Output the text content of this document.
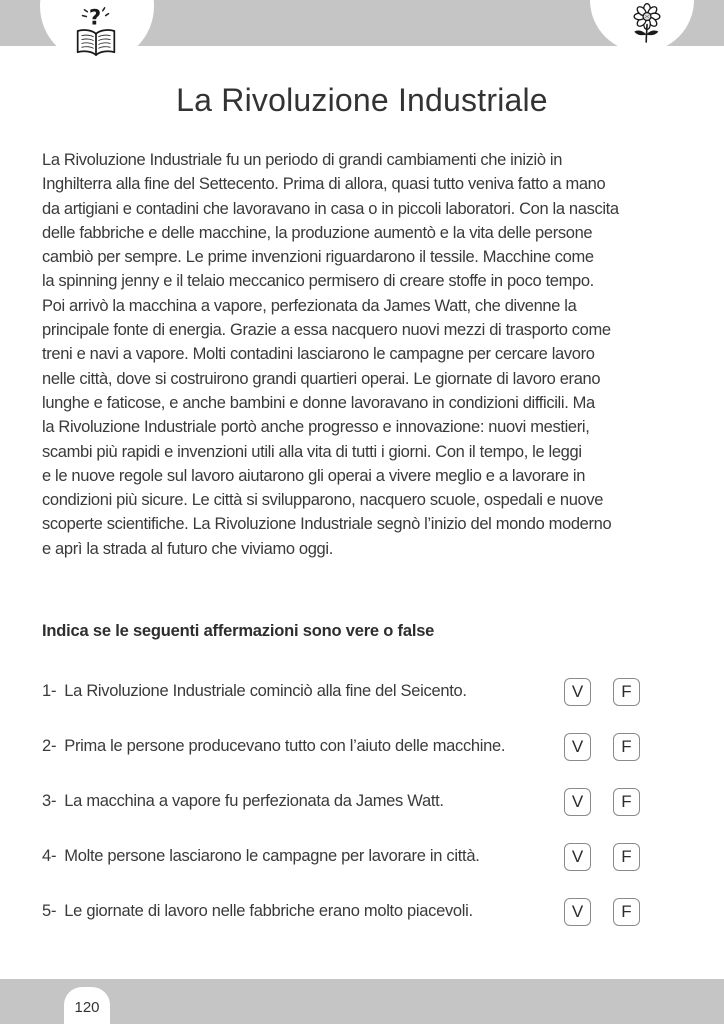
?
La Rivoluzione Industriale
La Rivoluzione Industriale fu un periodo di grandi cambiamenti che iniziò in
Inghilterra alla fine del Settecento. Prima di allora, quasi tutto veniva fatto a mano
da artigiani e contadini che lavoravano in casa o in piccoli laboratori. Con la nascita
delle fabbriche e delle macchine, la produzione aumentò e la vita delle persone
cambiò per sempre. Le prime invenzioni riguardarono il tessile. Macchine come
la spinning jenny e il telaio meccanico permisero di creare stoffe in poco tempo.
Poi arrivò la macchina a vapore, perfezionata da James Watt, che divenne la
principale fonte di energia. Grazie a essa nacquero nuovi mezzi di trasporto come
treni e navi a vapore. Molti contadini lasciarono le campagne per cercare lavoro
nelle città, dove si costruirono grandi quartieri operai. Le giornate di lavoro erano
lunghe e faticose, e anche bambini e donne lavoravano in condizioni difficili. Ma
la Rivoluzione Industriale portò anche progresso e innovazione: nuovi mestieri,
scambi più rapidi e invenzioni utili alla vita di tutti i giorni. Con il tempo, le leggi
e le nuove regole sul lavoro aiutarono gli operai a vivere meglio e a lavorare in
condizioni più sicure. Le città si svilupparono, nacquero scuole, ospedali e nuove
scoperte scientifiche. La Rivoluzione Industriale segnò l’inizio del mondo moderno
e aprì la strada al futuro che viviamo oggi.
Indica se le seguenti affermazioni sono vere o false
1- La Rivoluzione Industriale cominciò alla fine del Seicento.	V	F
2- Prima le persone producevano tutto con l’aiuto delle macchine.	V	F
3- La macchina a vapore fu perfezionata da James Watt.	V	F
4- Molte persone lasciarono le campagne per lavorare in città.	V	F
5- Le giornate di lavoro nelle fabbriche erano molto piacevoli.	V	F
120
